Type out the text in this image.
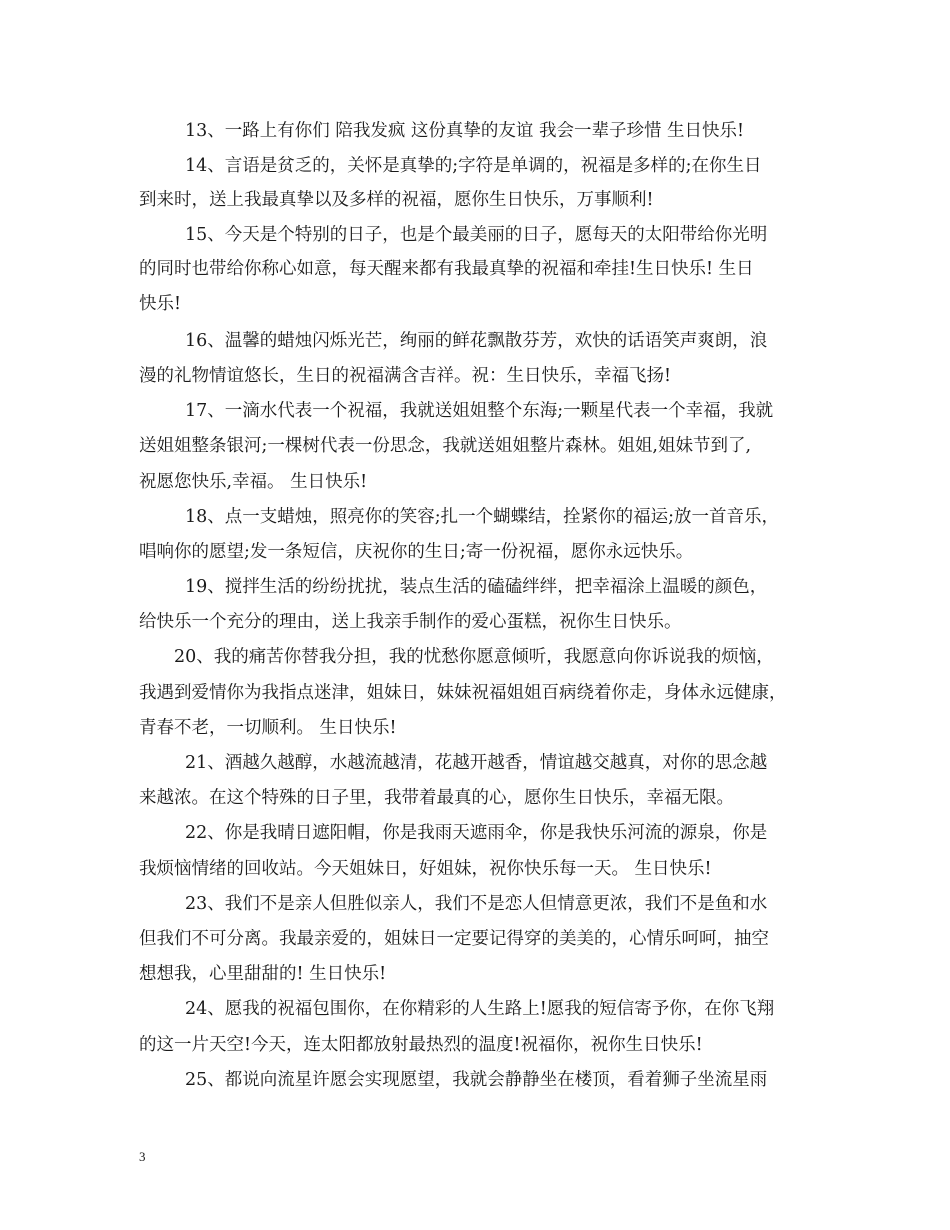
13、一路上有你们 陪我发疯 这份真挚的友谊 我会一辈子珍惜 生日快乐!
14、言语是贫乏的，关怀是真挚的;字符是单调的，祝福是多样的;在你生日
到来时，送上我最真挚以及多样的祝福，愿你生日快乐，万事顺利!
15、今天是个特别的日子，也是个最美丽的日子，愿每天的太阳带给你光明
的同时也带给你称心如意，每天醒来都有我最真挚的祝福和牵挂!生日快乐! 生日
快乐!
16、温馨的蜡烛闪烁光芒，绚丽的鲜花飘散芬芳，欢快的话语笑声爽朗，浪
漫的礼物情谊悠长，生日的祝福满含吉祥。祝：生日快乐，幸福飞扬!
17、一滴水代表一个祝福，我就送姐姐整个东海;一颗星代表一个幸福，我就
送姐姐整条银河;一棵树代表一份思念，我就送姐姐整片森林。姐姐,姐妹节到了,
祝愿您快乐,幸福。 生日快乐!
18、点一支蜡烛，照亮你的笑容;扎一个蝴蝶结，拴紧你的福运;放一首音乐，
唱响你的愿望;发一条短信，庆祝你的生日;寄一份祝福，愿你永远快乐。
19、搅拌生活的纷纷扰扰，装点生活的磕磕绊绊，把幸福涂上温暖的颜色，
给快乐一个充分的理由，送上我亲手制作的爱心蛋糕，祝你生日快乐。
20、我的痛苦你替我分担，我的忧愁你愿意倾听，我愿意向你诉说我的烦恼，
我遇到爱情你为我指点迷津，姐妹日，妹妹祝福姐姐百病绕着你走，身体永远健康，
青春不老，一切顺利。 生日快乐!
21、酒越久越醇，水越流越清，花越开越香，情谊越交越真，对你的思念越
来越浓。在这个特殊的日子里，我带着最真的心，愿你生日快乐，幸福无限。
22、你是我晴日遮阳帽，你是我雨天遮雨伞，你是我快乐河流的源泉，你是
我烦恼情绪的回收站。今天姐妹日，好姐妹，祝你快乐每一天。 生日快乐!
23、我们不是亲人但胜似亲人，我们不是恋人但情意更浓，我们不是鱼和水
但我们不可分离。我最亲爱的，姐妹日一定要记得穿的美美的，心情乐呵呵，抽空
想想我，心里甜甜的! 生日快乐!
24、愿我的祝福包围你，在你精彩的人生路上!愿我的短信寄予你，在你飞翔
的这一片天空!今天，连太阳都放射最热烈的温度!祝福你，祝你生日快乐!
25、都说向流星许愿会实现愿望，我就会静静坐在楼顶，看着狮子坐流星雨
3
